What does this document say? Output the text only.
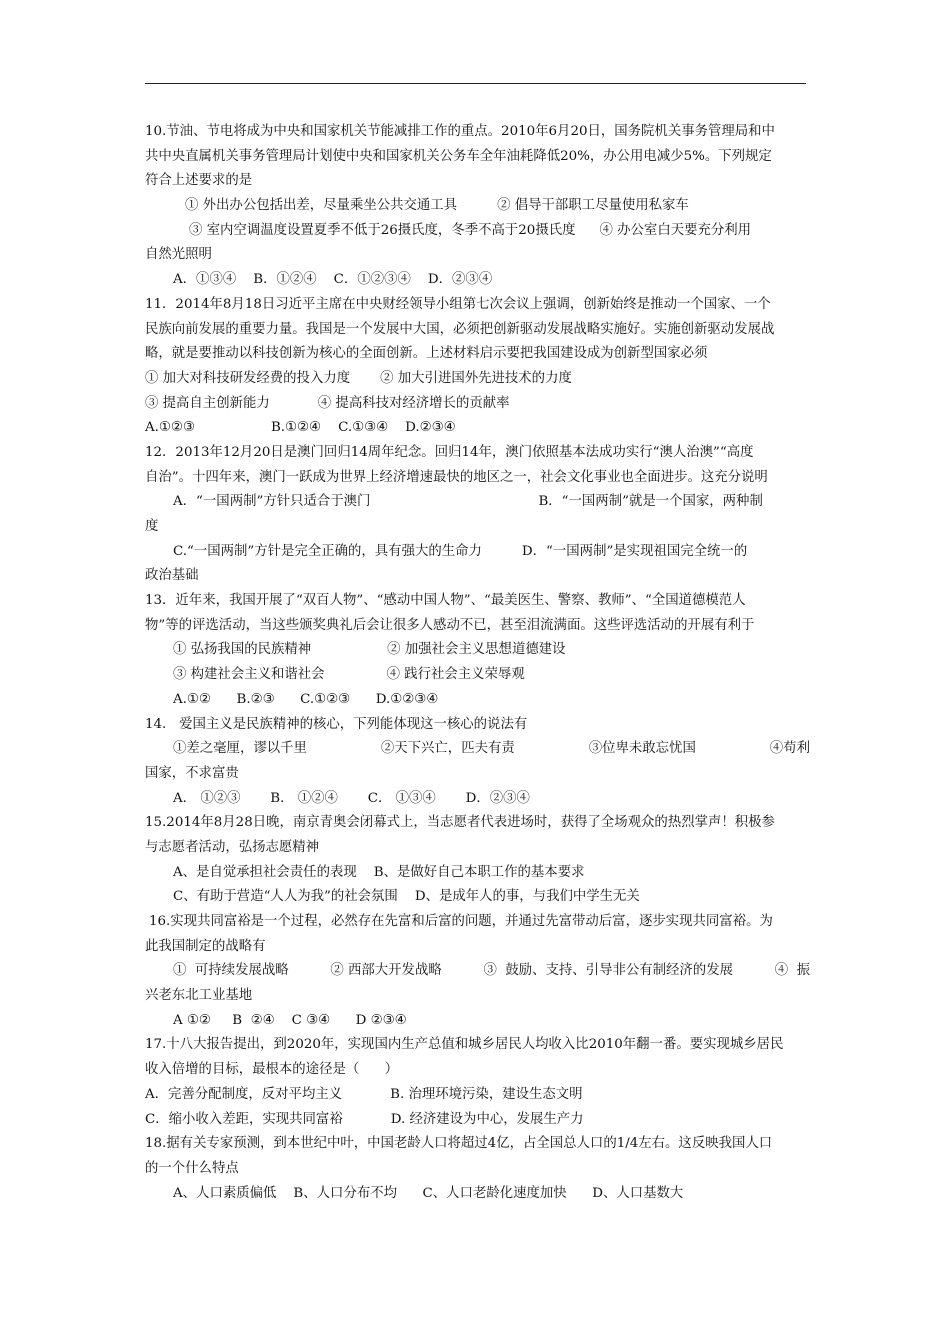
10.节油、节电将成为中央和国家机关节能减排工作的重点。2010年6月20日，国务院机关事务管理局和中
共中央直属机关事务管理局计划使中央和国家机关公务车全年油耗降低20%，办公用电减少5%。下列规定
符合上述要求的是
① 外出办公包括出差，尽量乘坐公共交通工具	② 倡导干部职工尽量使用私家车
③ 室内空调温度设置夏季不低于26摄氏度，冬季不高于20摄氏度 ④ 办公室白天要充分利用
自然光照明
A．①③④    B．①②④    C．①②③④    D．②③④
11．2014年8月18日习近平主席在中央财经领导小组第七次会议上强调，创新始终是推动一个国家、一个
民族向前发展的重要力量。我国是一个发展中大国，必须把创新驱动发展战略实施好。实施创新驱动发展战
略，就是要推动以科技创新为核心的全面创新。上述材料启示要把我国建设成为创新型国家必须
① 加大对科技研发经费的投入力度 ② 加大引进国外先进技术的力度
③ 提高自主创新能力	④ 提高科技对经济增长的贡献率
A.①②③	B.①②④    C.①③④    D.②③④
12．2013年12月20日是澳门回归14周年纪念。回归14年，澳门依照基本法成功实行“澳人治澳”“高度
自治”。十四年来，澳门一跃成为世界上经济增速最快的地区之一，社会文化事业也全面进步。这充分说明
A．“一国两制”方针只适合于澳门	B．“一国两制”就是一个国家，两种制
度
C.“一国两制”方针是完全正确的，具有强大的生命力	D．“一国两制”是实现祖国完全统一的
政治基础
13．近年来，我国开展了“双百人物”、“感动中国人物”、“最美医生、警察、教师”、“全国道德模范人
物”等的评选活动，当这些颁奖典礼后会让很多人感动不已，甚至泪流满面。这些评选活动的开展有利于
① 弘扬我国的民族精神	② 加强社会主义思想道德建设
③ 构建社会主义和谐社会	④ 践行社会主义荣辱观
A.①②      B.②③      C.①②③      D.①②③④
14.   爱国主义是民族精神的核心，下列能体现这一核心的说法有
①差之毫厘，谬以千里	②天下兴亡，匹夫有责	③位卑未敢忘忧国	④苟利
国家，不求富贵
A． ①②③       B． ①②④       C． ①③④       D．②③④
15.2014年8月28日晚，南京青奥会闭幕式上，当志愿者代表进场时，获得了全场观众的热烈掌声！积极参
与志愿者活动，弘扬志愿精神
A、是自觉承担社会责任的表现    B、是做好自己本职工作的基本要求
C、有助于营造“人人为我”的社会氛围    D、是成年人的事，与我们中学生无关
16.实现共同富裕是一个过程，必然存在先富和后富的问题，并通过先富带动后富，逐步实现共同富裕。为
此我国制定的战略有
①  可持续发展战略	② 西部大开发战略	③  鼓励、支持、引导非公有制经济的发展	④  振
兴老东北工业基地
A ①②     B  ②④    C ③④      D ②③④
17.十八大报告提出，到2020年，实现国内生产总值和城乡居民人均收入比2010年翻一番。要实现城乡居民
收入倍增的目标，最根本的途径是（      ）
A．完善分配制度，反对平均主义	B. 治理环境污染，建设生态文明
C．缩小收入差距，实现共同富裕	D. 经济建设为中心，发展生产力
18.据有关专家预测，到本世纪中叶，中国老龄人口将超过4亿，占全国总人口的1/4左右。这反映我国人口
的一个什么特点
A、人口素质偏低    B、人口分布不均      C、人口老龄化速度加快      D、人口基数大
